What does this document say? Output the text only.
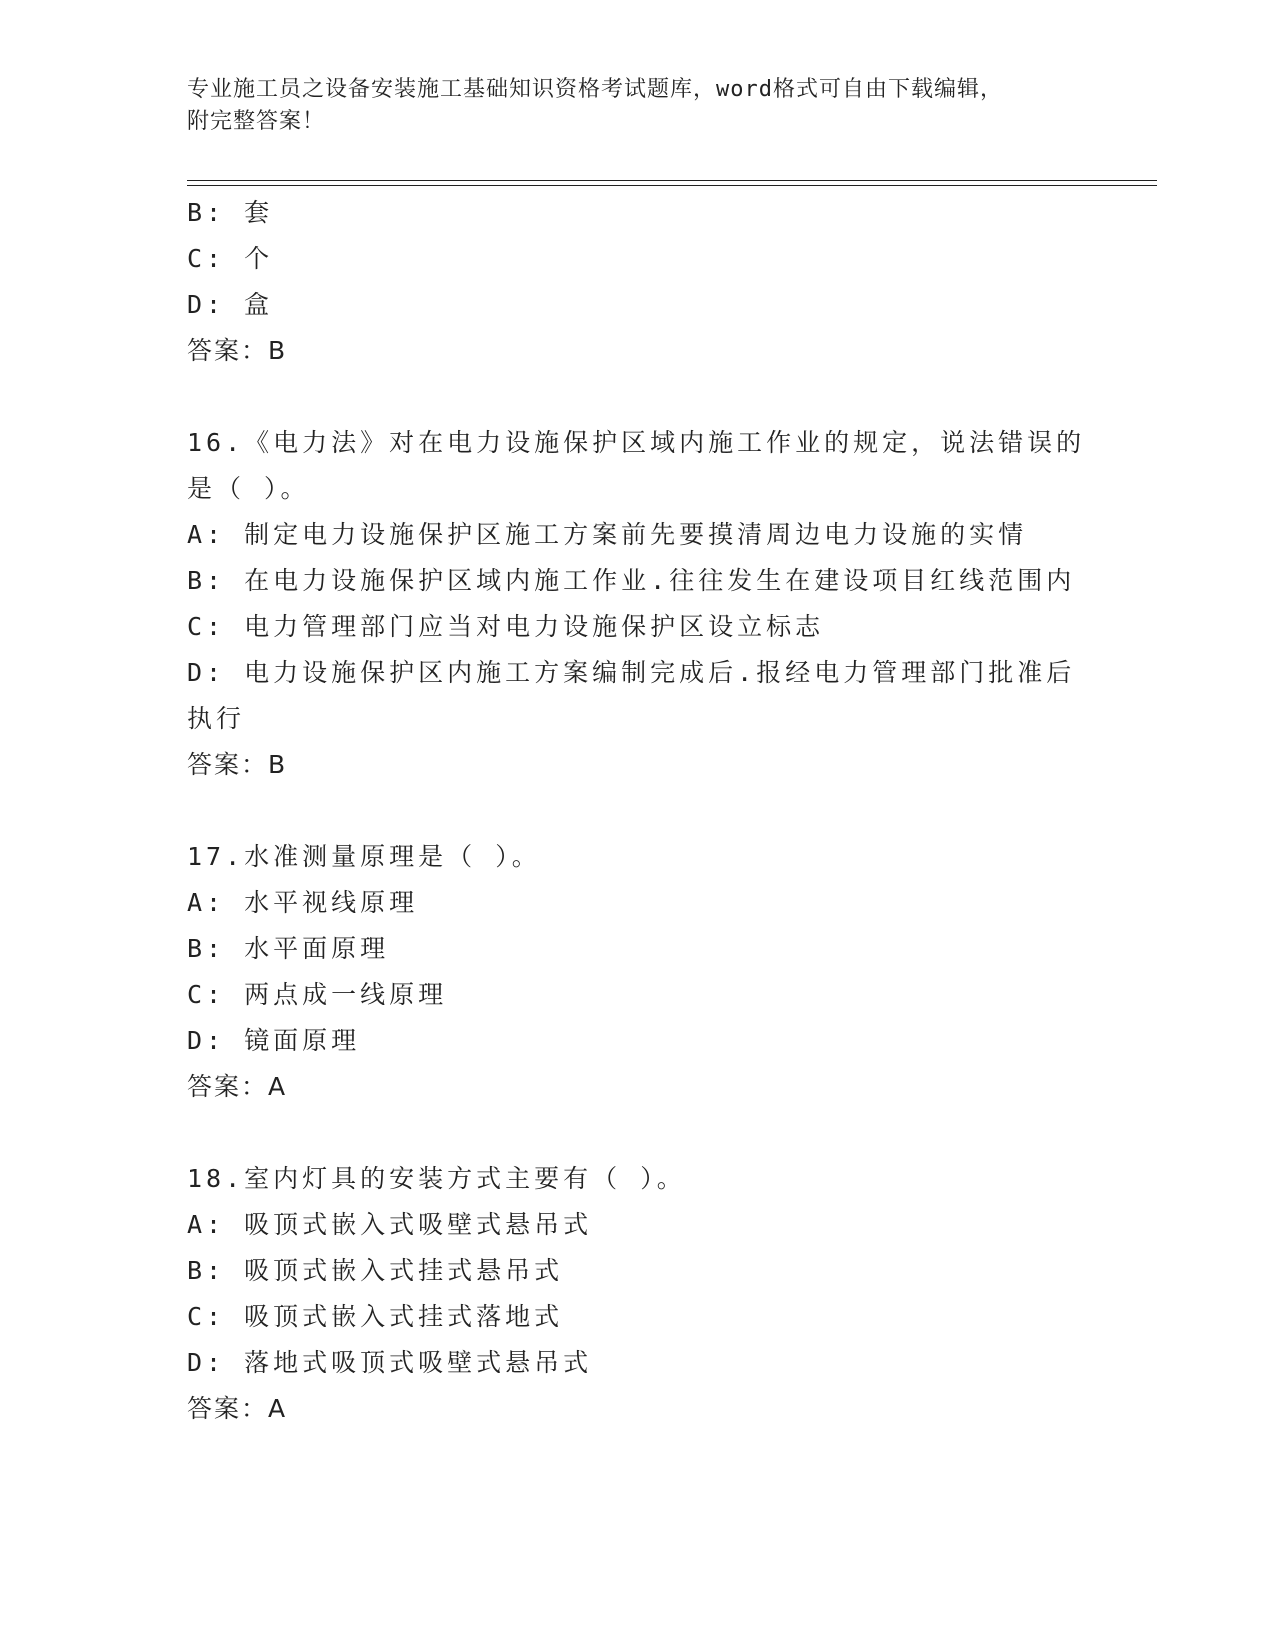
专业施工员之设备安装施工基础知识资格考试题库，word格式可自由下载编辑，
附完整答案！
B: 套
C: 个
D: 盒
答案：B
16.《电力法》对在电力设施保护区域内施工作业的规定，说法错误的
是（ ）。
A: 制定电力设施保护区施工方案前先要摸清周边电力设施的实情
B: 在电力设施保护区域内施工作业.往往发生在建设项目红线范围内
C: 电力管理部门应当对电力设施保护区设立标志
D: 电力设施保护区内施工方案编制完成后.报经电力管理部门批准后
执行
答案：B
17.水准测量原理是（ ）。
A: 水平视线原理
B: 水平面原理
C: 两点成一线原理
D: 镜面原理
答案：A
18.室内灯具的安装方式主要有（ ）。
A: 吸顶式嵌入式吸壁式悬吊式
B: 吸顶式嵌入式挂式悬吊式
C: 吸顶式嵌入式挂式落地式
D: 落地式吸顶式吸壁式悬吊式
答案：A
